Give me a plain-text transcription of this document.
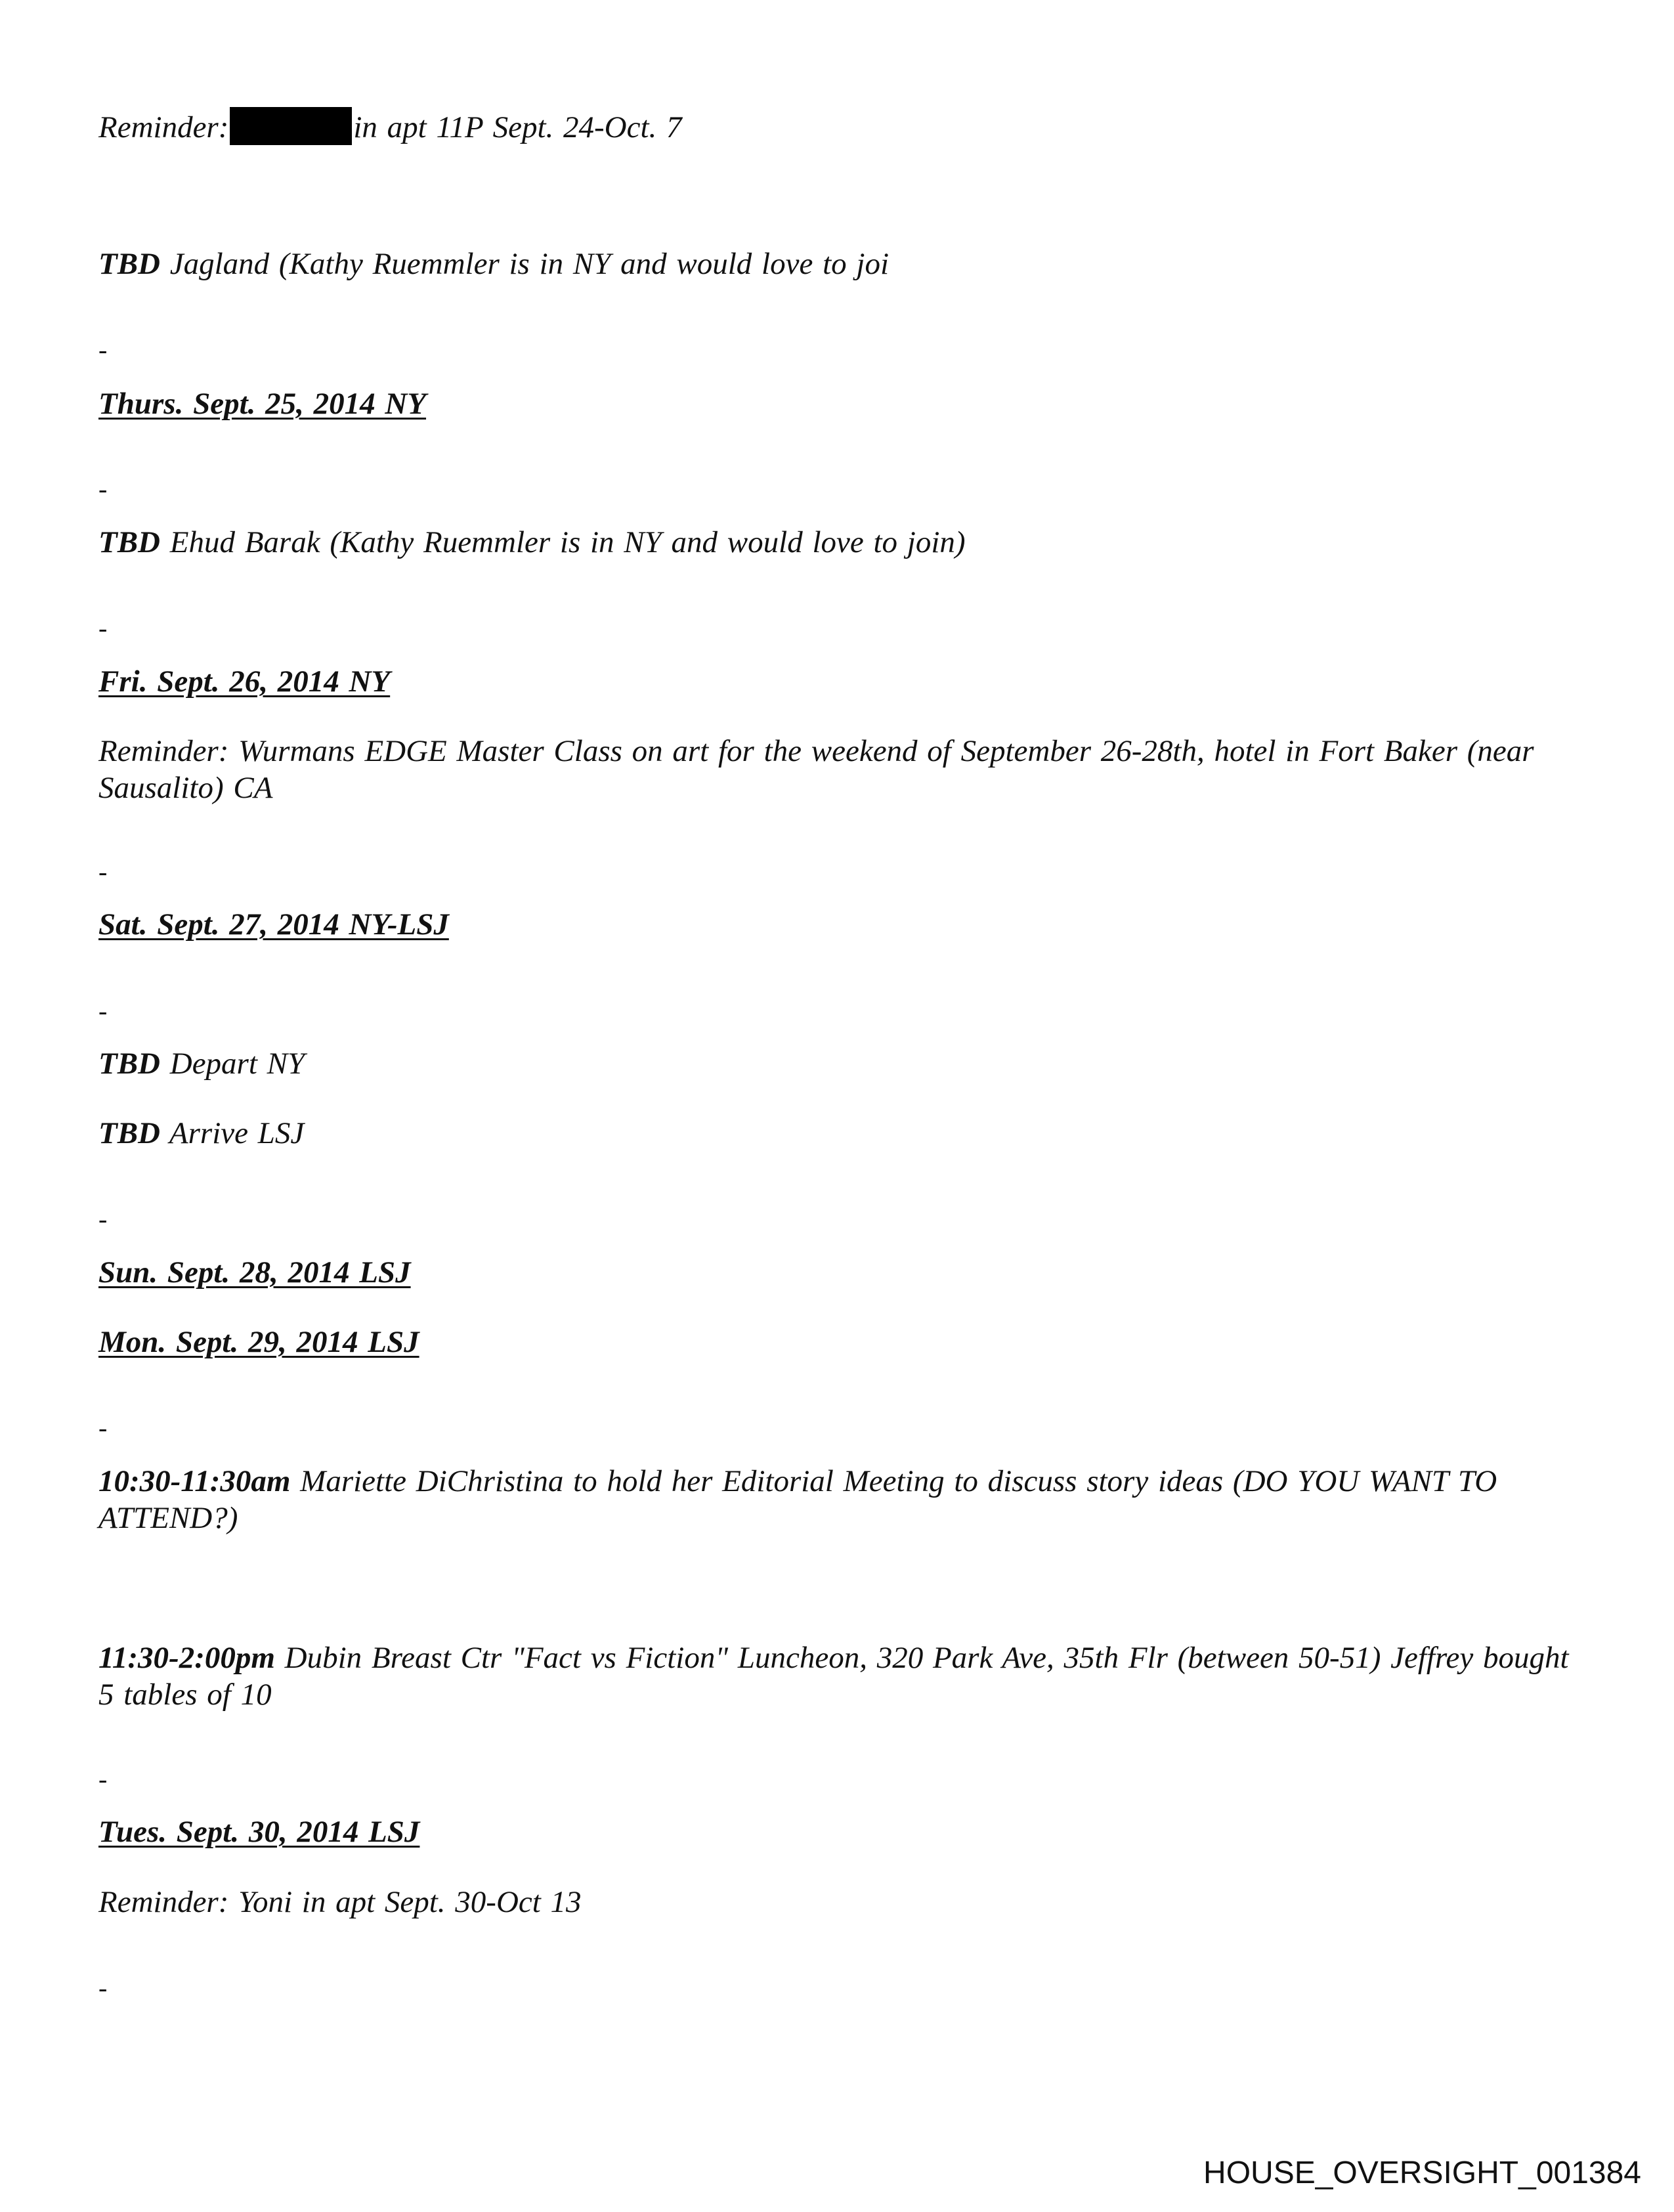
Reminder:	in apt 11P Sept. 24-Oct. 7
TBD Jagland (Kathy Ruemmler is in NY and would love to joi
-
Thurs. Sept. 25, 2014 NY
-
TBD Ehud Barak (Kathy Ruemmler is in NY and would love to join)
-
Fri. Sept. 26, 2014 NY
Reminder: Wurmans EDGE Master Class on art for the weekend of September 26-28th, hotel in Fort Baker (near Sausalito) CA
-
Sat. Sept. 27, 2014 NY-LSJ
-
TBD Depart NY
TBD Arrive LSJ
-
Sun. Sept. 28, 2014 LSJ
Mon. Sept. 29, 2014 LSJ
-
10:30-11:30am Mariette DiChristina to hold her Editorial Meeting to discuss story ideas (DO YOU WANT TO ATTEND?)
11:30-2:00pm Dubin Breast Ctr "Fact vs Fiction" Luncheon, 320 Park Ave, 35th Flr (between 50-51) Jeffrey bought 5 tables of 10
-
Tues. Sept. 30, 2014 LSJ
Reminder: Yoni in apt Sept. 30-Oct 13
-
HOUSE_OVERSIGHT_001384
